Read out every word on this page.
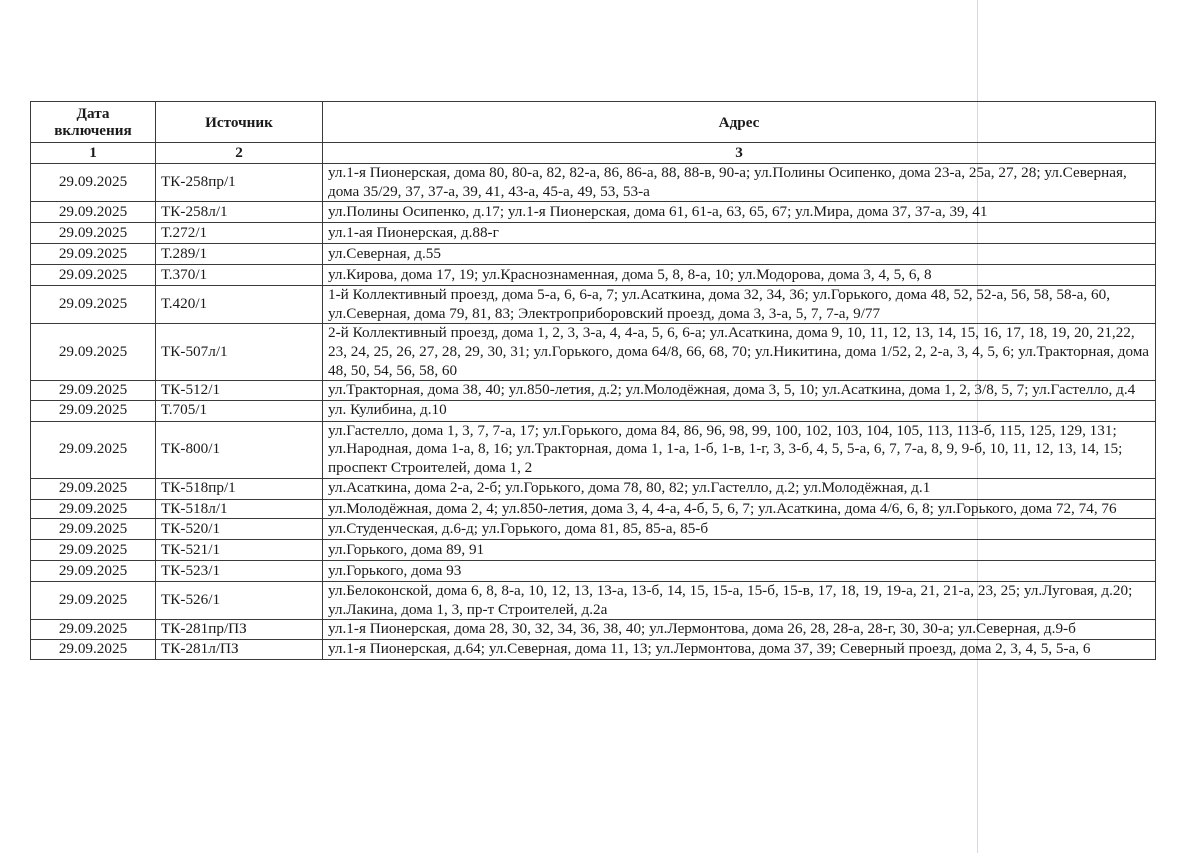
Дата включения	Источник	Адрес
1	2	3
29.09.2025	ТК-258пр/1	ул.1-я Пионерская, дома 80, 80-а, 82, 82-а, 86, 86-а, 88, 88-в, 90-а; ул.Полины Осипенко, дома 23-а, 25а, 27, 28; ул.Северная, дома 35/29, 37, 37-а, 39, 41, 43-а, 45-а, 49, 53, 53-а
29.09.2025	ТК-258л/1	ул.Полины Осипенко, д.17; ул.1-я Пионерская, дома 61, 61-а, 63, 65, 67; ул.Мира, дома 37, 37-а, 39, 41
29.09.2025	Т.272/1	ул.1-ая Пионерская, д.88-г
29.09.2025	Т.289/1	ул.Северная, д.55
29.09.2025	Т.370/1	ул.Кирова, дома 17, 19; ул.Краснознаменная, дома 5, 8, 8-а, 10; ул.Модорова, дома 3, 4, 5, 6, 8
29.09.2025	Т.420/1	1-й Коллективный проезд, дома 5-а, 6, 6-а, 7; ул.Асаткина, дома 32, 34, 36; ул.Горького, дома 48, 52, 52-а, 56, 58, 58-а, 60, ул.Северная, дома 79, 81, 83; Электроприборовский проезд, дома 3, 3-а, 5, 7, 7-а, 9/77
29.09.2025	ТК-507л/1	2-й Коллективный проезд, дома 1, 2, 3, 3-а, 4, 4-а, 5, 6, 6-а; ул.Асаткина, дома 9, 10, 11, 12, 13, 14, 15, 16, 17, 18, 19, 20, 21,22, 23, 24, 25, 26, 27, 28, 29, 30, 31; ул.Горького, дома 64/8, 66, 68, 70; ул.Никитина, дома 1/52, 2, 2-а, 3, 4, 5, 6; ул.Тракторная, дома 48, 50, 54, 56, 58, 60
29.09.2025	ТК-512/1	ул.Тракторная, дома 38, 40; ул.850-летия, д.2; ул.Молодёжная, дома 3, 5, 10; ул.Асаткина, дома 1, 2, 3/8, 5, 7; ул.Гастелло, д.4
29.09.2025	Т.705/1	ул. Кулибина, д.10
29.09.2025	ТК-800/1	ул.Гастелло, дома 1, 3, 7, 7-а, 17; ул.Горького, дома 84, 86, 96, 98, 99, 100, 102, 103, 104, 105, 113, 113-б, 115, 125, 129, 131; ул.Народная, дома 1-а, 8, 16; ул.Тракторная, дома 1, 1-а, 1-б, 1-в, 1-г, 3, 3-б, 4, 5, 5-а, 6, 7, 7-а, 8, 9, 9-б, 10, 11, 12, 13, 14, 15; проспект Строителей, дома 1, 2
29.09.2025	ТК-518пр/1	ул.Асаткина, дома 2-а, 2-б; ул.Горького, дома 78, 80, 82; ул.Гастелло, д.2; ул.Молодёжная, д.1
29.09.2025	ТК-518л/1	ул.Молодёжная, дома 2, 4; ул.850-летия, дома 3, 4, 4-а, 4-б, 5, 6, 7; ул.Асаткина, дома 4/6, 6, 8; ул.Горького, дома 72, 74, 76
29.09.2025	ТК-520/1	ул.Студенческая, д.6-д; ул.Горького, дома 81, 85, 85-а, 85-б
29.09.2025	ТК-521/1	ул.Горького, дома 89, 91
29.09.2025	ТК-523/1	ул.Горького, дома 93
29.09.2025	ТК-526/1	ул.Белоконской, дома 6, 8, 8-а, 10, 12, 13, 13-а, 13-б, 14, 15, 15-а, 15-б, 15-в, 17, 18, 19, 19-а, 21, 21-а, 23, 25; ул.Луговая, д.20; ул.Лакина, дома 1, 3, пр-т Строителей, д.2а
29.09.2025	ТК-281пр/ПЗ	ул.1-я Пионерская, дома 28, 30, 32, 34, 36, 38, 40; ул.Лермонтова, дома 26, 28, 28-а, 28-г, 30, 30-а; ул.Северная, д.9-б
29.09.2025	ТК-281л/ПЗ	ул.1-я Пионерская, д.64; ул.Северная, дома 11, 13; ул.Лермонтова, дома 37, 39; Северный проезд, дома 2, 3, 4, 5, 5-а, 6
